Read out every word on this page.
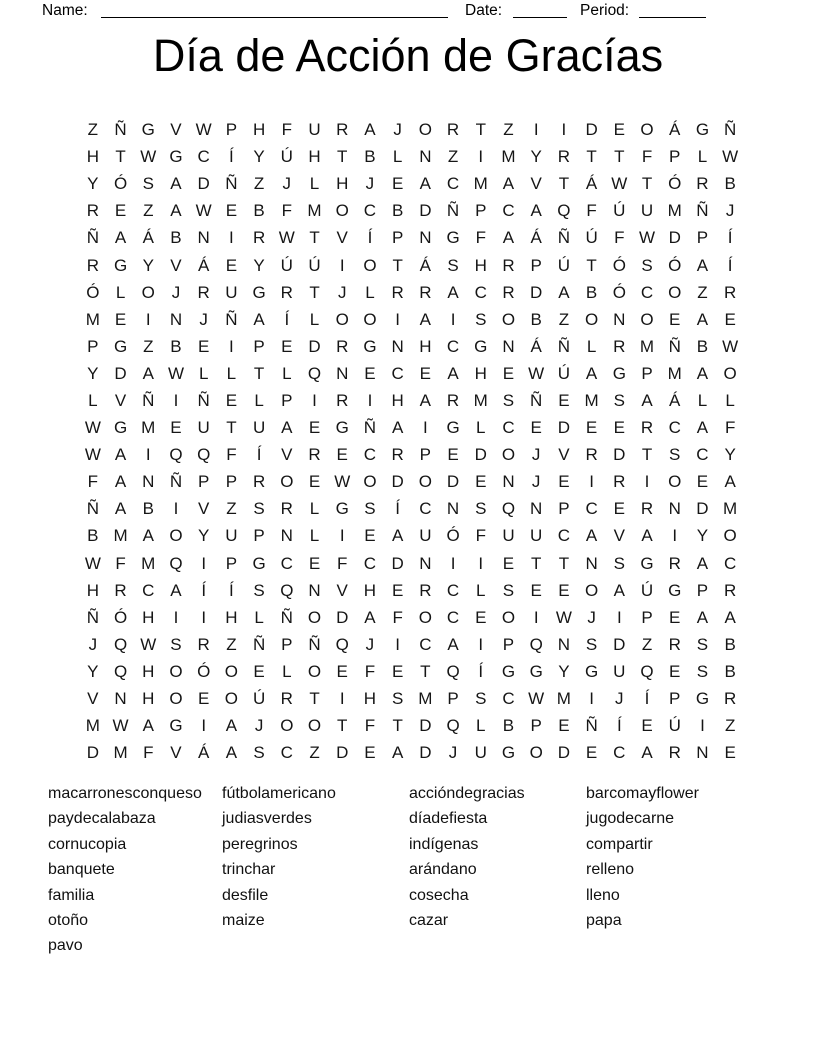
Name:	Date:	Period:
Día de Acción de Gracías
Z Ñ G V W P H F U R A	J O R T	Z	I	I	D E O Á G Ñ
H T W G C	Í	Y Ú H T B	L N Z	I	M Y R T	T	F P	L W
Y Ó S A D Ñ Z	J	L H	J	E A C M A V T Á W T Ó R B
R E Z A W E B F M O C B D Ñ P C A Q F Ú U M Ñ	J
Ñ A Á B N	I	R W T V	Í	P N G F A Á Ñ Ú F W D P	Í
R G Y V Á E Y Ú Ú	I	O T Á S H R P Ú T Ó S Ó A	Í
Ó L O J	R U G R T	J	L R R A C R D A B Ó C O Z R
M E	I	N	J	Ñ A	Í	L O O	I	A	I	S O B Z O N O E A E
P G Z B E	I	P E D R G N H C G N Á Ñ L R M Ñ B W
Y D A W L	L	T	L Q N E C E A H E W Ú A G P M A O
L	V Ñ	I	Ñ E	L	P	I	R	I	H A R M S Ñ E M S A Á	L	L
W G M E U T U A E G Ñ A	I	G L C E D E E R C A F
W A	I	Q Q F	Í	V R E C R P E D O J	V R D T S C Y
F A N Ñ P P R O E W O D O D E N	J	E	I	R	I	O E A
Ñ A B	I	V Z S R L G S	Í	C N S Q N P C E R N D M
B M A O Y U P N L	I	E A U Ó F U U C A V A	I	Y O
W F M Q	I	P G C E F C D N	I	I	E T	T N S G R A C
H R C A	Í	Í	S Q N V H E R C L	S E E O A Ú G P R
Ñ Ó H	I	I	H L Ñ O D A F O C E O	I	W J	I	P E A A
J Q W S R Z Ñ P Ñ Q J	I	C A	I	P Q N S D Z R S B
Y Q H O Ó O E	L O E F E T Q	Í	G G Y G U Q E S B
V N H O E O Ú R T	I	H S M P S C W M	I	J	Í	P G R
M W A G	I	A	J O O T	F	T D Q L	B P E Ñ	Í	E Ú	I	Z
D M F V Á A S C Z D E A D	J	U G O D E C A R N E
macarronesconqueso
paydecalabaza
cornucopia
banquete
familia
otoño
pavo
fútbolamericano
judiasverdes
peregrinos
trinchar
desfile
maize
accióndegracias
díadefiesta
indígenas
arándano
cosecha
cazar
barcomayflower
jugodecarne
compartir
relleno
lleno
papa
